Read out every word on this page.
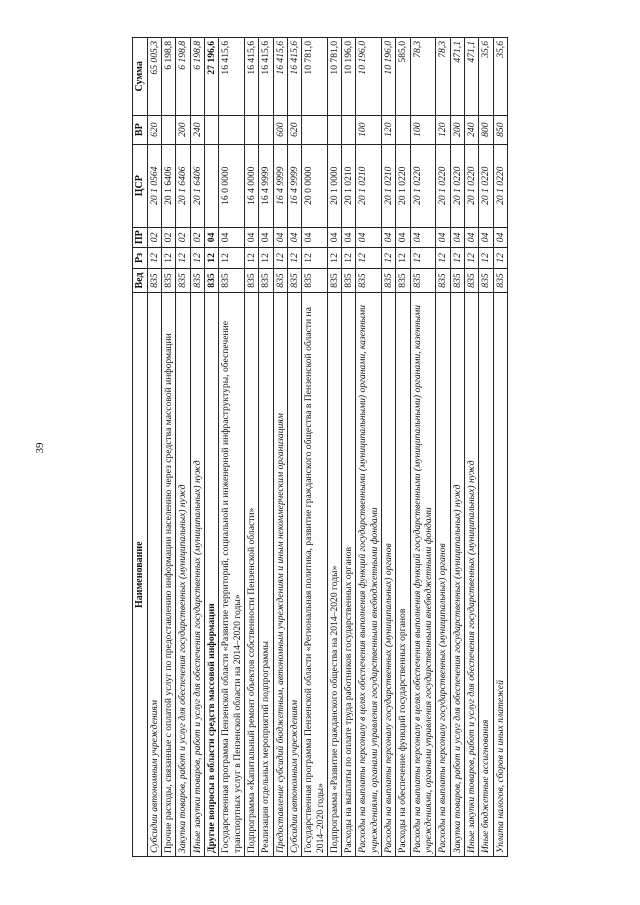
39
Наименование	Вед	Рз	ПР	ЦСР	ВР	Сумма
Субсидии автономным учреждениям	835	12	02	20 1 0564	620	65 005,3
Прочие расходы, связанные с оплатой услуг по предоставлению информации населению через средства массовой информации	835	12	02	20 1 6406		6 198,8
Закупка товаров, работ и услуг для обеспечения государственных (муниципальных) нужд	835	12	02	20 1 6406	200	6 198,8
Иные закупки товаров, работ и услуг для обеспечения государственных (муниципальных) нужд	835	12	02	20 1 6406	240	6 198,8
Другие вопросы в области средств массовой информации	835	12	04			27 196,6
Государственная программа Пензенской области «Развитие территорий, социальной и инженерной инфраструктуры, обеспечение транспортных услуг в Пензенской области на 2014–2020 годы»	835	12	04	16 0 0000		16 415,6
Подпрограмма «Капитальный ремонт объектов собственности Пензенской области»	835	12	04	16 4 0000		16 415,6
Реализация отдельных мероприятий подпрограммы	835	12	04	16 4 9999		16 415,6
Предоставление субсидий бюджетным, автономным учреждениям и иным некоммерческим организациям	835	12	04	16 4 9999	600	16 415,6
Субсидии автономным учреждениям	835	12	04	16 4 9999	620	16 415,6
Государственная программа Пензенской области «Региональная политика, развитие гражданского общества в Пензенской области на 2014–2020 годы»	835	12	04	20 0 0000		10 781,0
Подпрограмма «Развитие гражданского общества на 2014–2020 годы»	835	12	04	20 1 0000		10 781,0
Расходы на выплаты по оплате труда работников государственных органов	835	12	04	20 1 0210		10 196,0
Расходы на выплаты персоналу в целях обеспечения выполнения функций государственными (муниципальными) органами, казенными учреждениями, органами управления государственными внебюджетными фондами	835	12	04	20 1 0210	100	10 196,0
Расходы на выплаты персоналу государственных (муниципальных) органов	835	12	04	20 1 0210	120	10 196,0
Расходы на обеспечение функций государственных органов	835	12	04	20 1 0220		585,0
Расходы на выплаты персоналу в целях обеспечения выполнения функций государственными (муниципальными) органами, казенными учреждениями, органами управления государственными внебюджетными фондами	835	12	04	20 1 0220	100	78,3
Расходы на выплаты персоналу государственных (муниципальных) органов	835	12	04	20 1 0220	120	78,3
Закупка товаров, работ и услуг для обеспечения государственных (муниципальных) нужд	835	12	04	20 1 0220	200	471,1
Иные закупки товаров, работ и услуг для обеспечения государственных (муниципальных) нужд	835	12	04	20 1 0220	240	471,1
Иные бюджетные ассигнования	835	12	04	20 1 0220	800	35,6
Уплата налогов, сборов и иных платежей	835	12	04	20 1 0220	850	35,6
